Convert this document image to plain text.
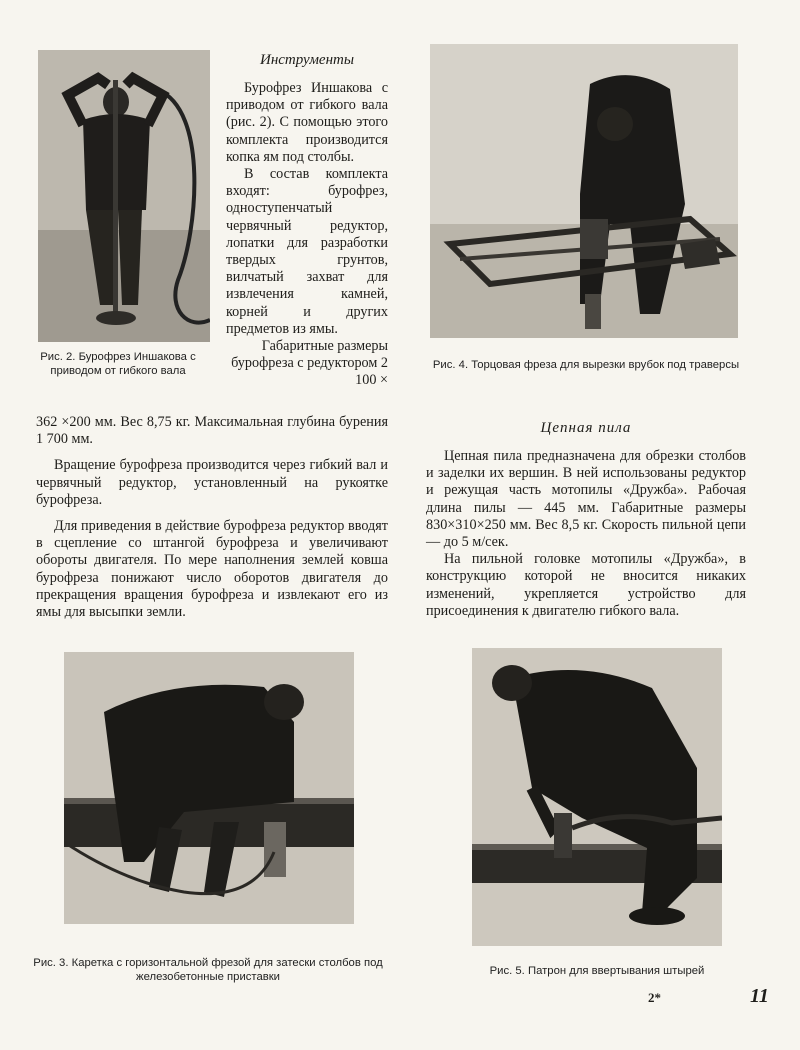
Рис. 2. Бурофрез Иншакова с приводом от гибкого вала
Инструменты

Бурофрез Иншакова с приводом от гибкого вала (рис. 2). С помощью этого комплекта производится копка ям под столбы.

В состав комплекта входят: бурофрез, одноступенчатый червячный редуктор, лопатки для разработки твердых грунтов, вилчатый захват для извлечения камней, корней и других предметов из ямы.

Габаритные размеры бурофреза с редуктором 2 100 ×

362 ×200 мм. Вес 8,75 кг. Максимальная глубина бурения 1 700 мм.

Вращение бурофреза производится через гибкий вал и червячный редуктор, установленный на рукоятке бурофреза.

Для приведения в действие бурофреза редуктор вводят в сцепление со штангой бурофреза и увеличивают обороты двигателя. По мере наполнения землей ковша бурофреза понижают число оборотов двигателя до прекращения вращения бурофреза и извлекают его из ямы для высыпки земли.

Рис. 4. Торцовая фреза для вырезки врубок под траверсы
Цепная пила

Цепная пила предназначена для обрезки столбов и заделки их вершин. В ней использованы редуктор и режущая часть мотопилы «Дружба». Рабочая длина пилы — 445 мм. Габаритные размеры 830×310×250 мм. Вес 8,5 кг. Скорость пильной цепи — до 5 м/сек.

На пильной головке мотопилы «Дружба», в конструкцию которой не вносится никаких изменений, укрепляется устройство для присоединения к двигателю гибкого вала.

Рис. 3. Каретка с горизонтальной фрезой для затески столбов под железобетонные приставки	Рис. 5. Патрон для ввертывания штырей
2*	11
